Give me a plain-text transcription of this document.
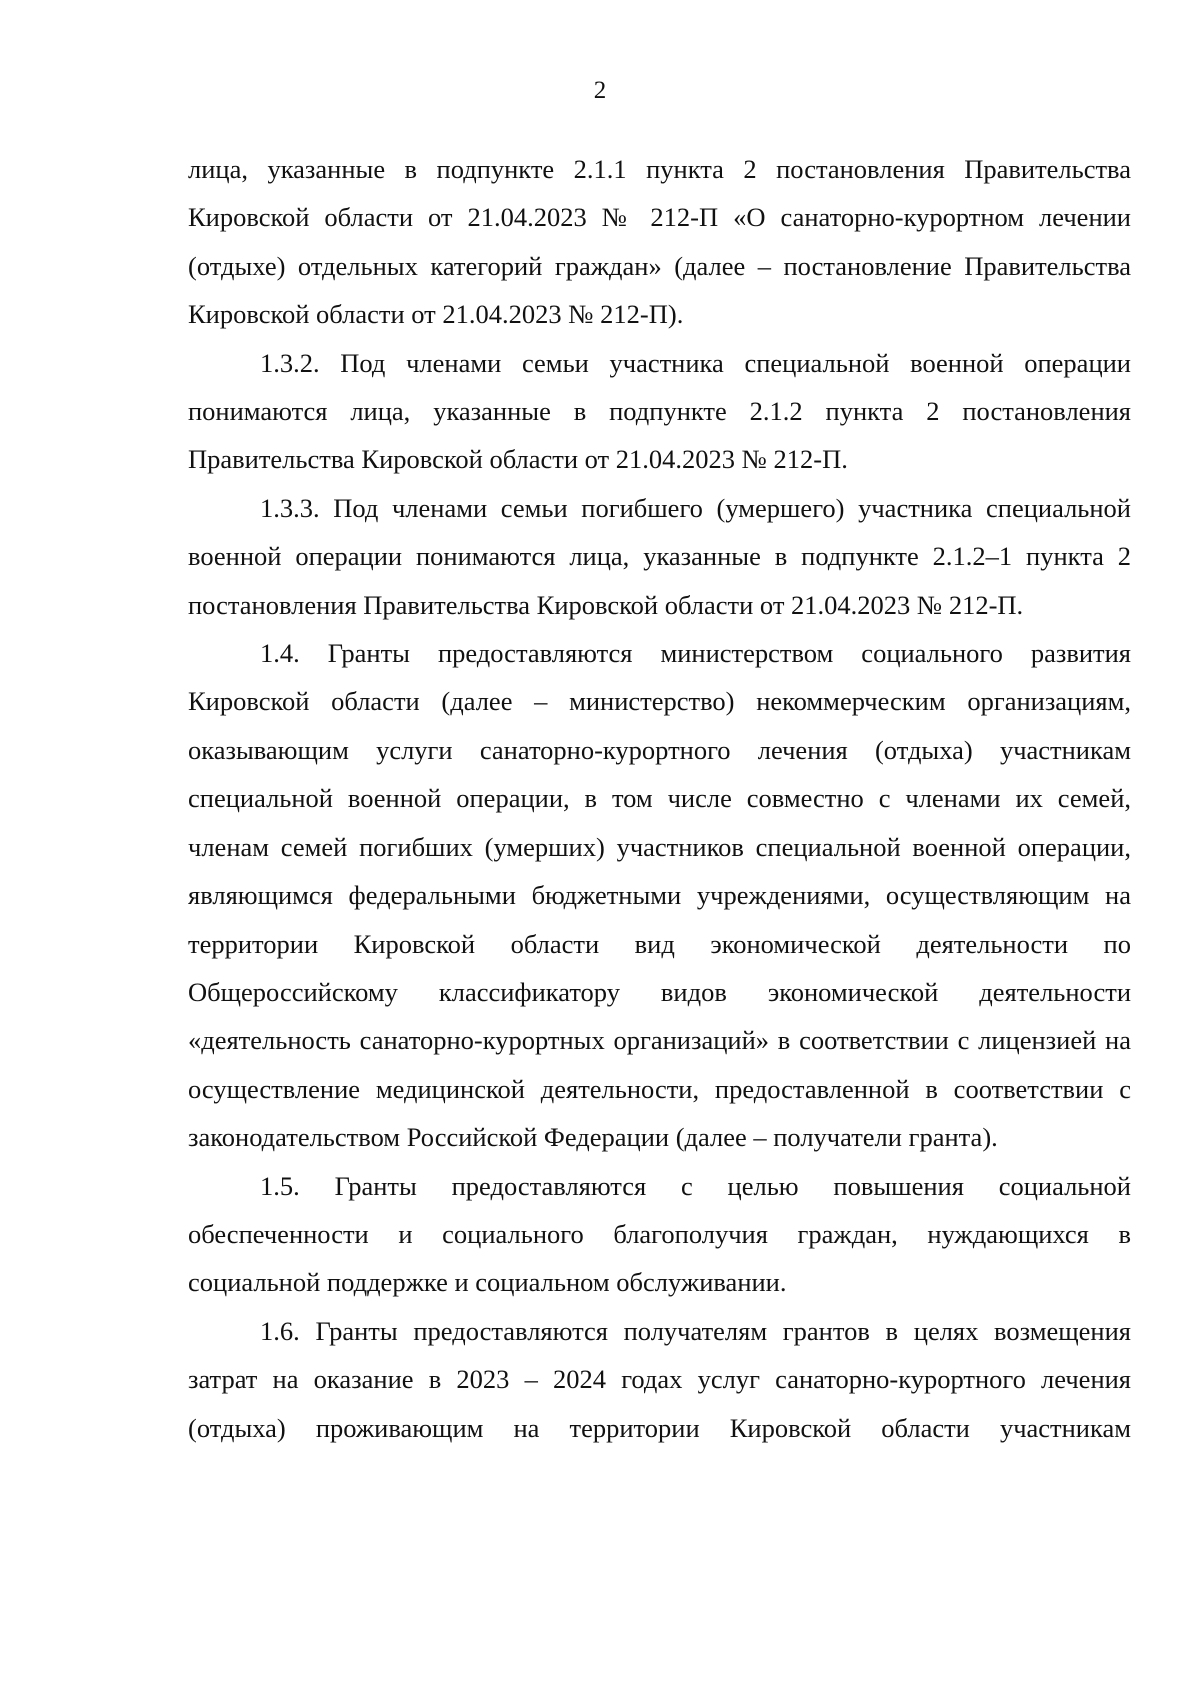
2

лица, указанные в подпункте 2.1.1 пункта 2 постановления Правительства Кировской области от 21.04.2023 № 212-П «О санаторно-курортном лечении (отдыхе) отдельных категорий граждан» (далее – постановление Правительства Кировской области от 21.04.2023 № 212-П).

1.3.2. Под членами семьи участника специальной военной операции понимаются лица, указанные в подпункте 2.1.2 пункта 2 постановления Правительства Кировской области от 21.04.2023 № 212-П.

1.3.3. Под членами семьи погибшего (умершего) участника специальной военной операции понимаются лица, указанные в подпункте 2.1.2–1 пункта 2 постановления Правительства Кировской области от 21.04.2023 № 212-П.

1.4. Гранты предоставляются министерством социального развития Кировской области (далее – министерство) некоммерческим организациям, оказывающим услуги санаторно-курортного лечения (отдыха) участникам специальной военной операции, в том числе совместно с членами их семей, членам семей погибших (умерших) участников специальной военной операции, являющимся федеральными бюджетными учреждениями, осуществляющим на территории Кировской области вид экономической деятельности по Общероссийскому классификатору видов экономической деятельности «деятельность санаторно-курортных организаций» в соответствии с лицензией на осуществление медицинской деятельности, предоставленной в соответствии с законодательством Российской Федерации (далее – получатели гранта).

1.5. Гранты предоставляются с целью повышения социальной обеспеченности и социального благополучия граждан, нуждающихся в социальной поддержке и социальном обслуживании.

1.6. Гранты предоставляются получателям грантов в целях возмещения затрат на оказание в 2023 – 2024 годах услуг санаторно-курортного лечения (отдыха) проживающим на территории Кировской области участникам
